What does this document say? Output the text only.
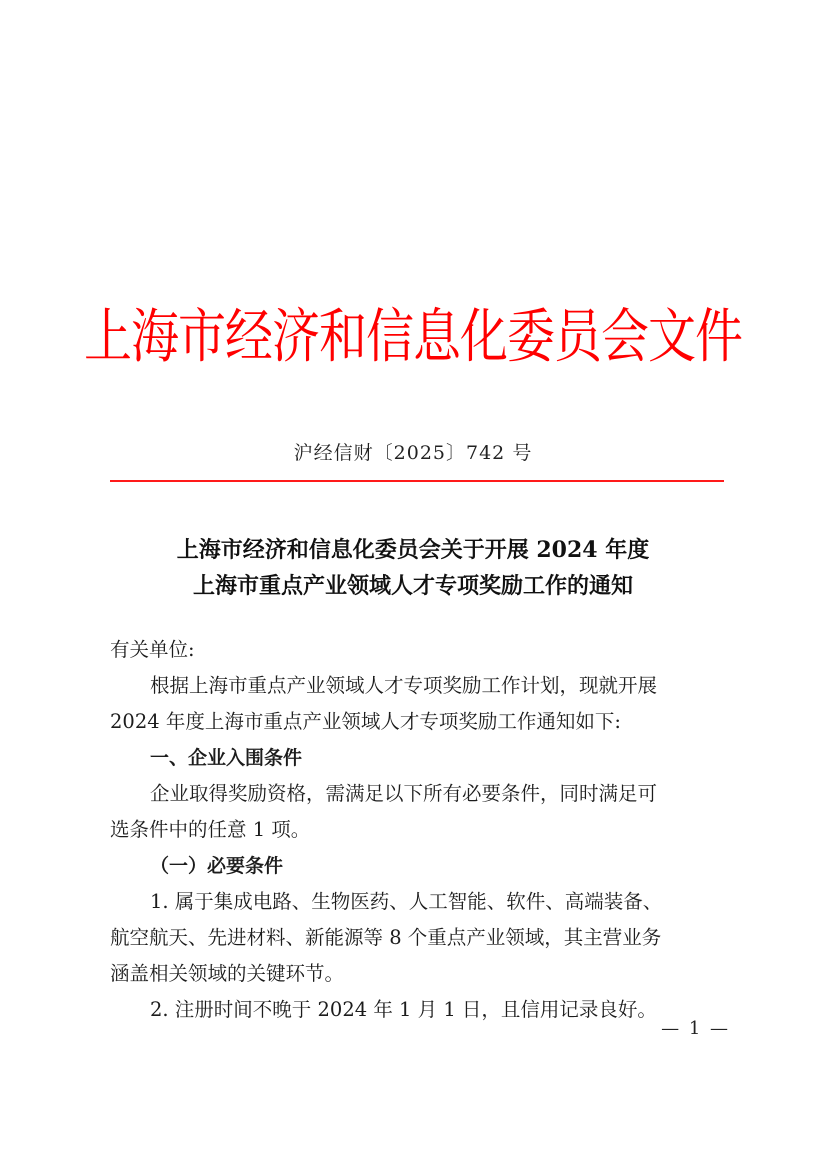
上海市经济和信息化委员会文件
沪经信财〔2025〕742 号
上海市经济和信息化委员会关于开展 2024 年度
上海市重点产业领域人才专项奖励工作的通知
有关单位:
根据上海市重点产业领域人才专项奖励工作计划，现就开展
2024 年度上海市重点产业领域人才专项奖励工作通知如下:
一、企业入围条件
企业取得奖励资格，需满足以下所有必要条件，同时满足可
选条件中的任意 1 项。
（一）必要条件
1. 属于集成电路、生物医药、人工智能、软件、高端装备、
航空航天、先进材料、新能源等 8 个重点产业领域，其主营业务
涵盖相关领域的关键环节。
2. 注册时间不晚于 2024 年 1 月 1 日，且信用记录良好。
— 1 —
